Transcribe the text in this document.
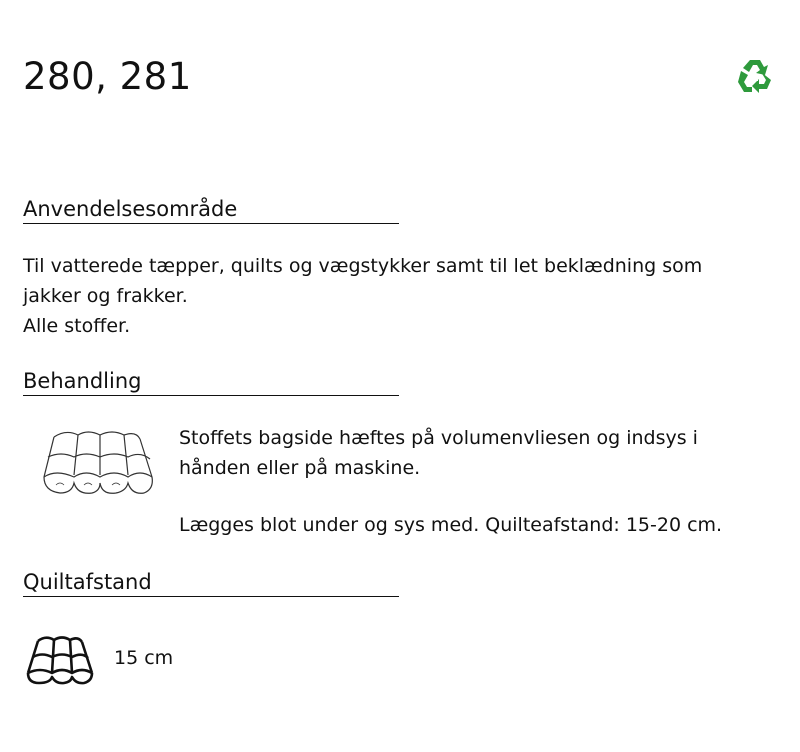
280, 281	1
Anvendelsesområde
Til vatterede tæpper, quilts og vægstykker samt til let beklædning som
jakker og frakker.
Alle stoffer.
Behandling
Stoffets bagside hæftes på volumenvliesen og indsys i
hånden eller på maskine.
Lægges blot under og sys med. Quilteafstand: 15-20 cm.
Quiltafstand
15 cm
